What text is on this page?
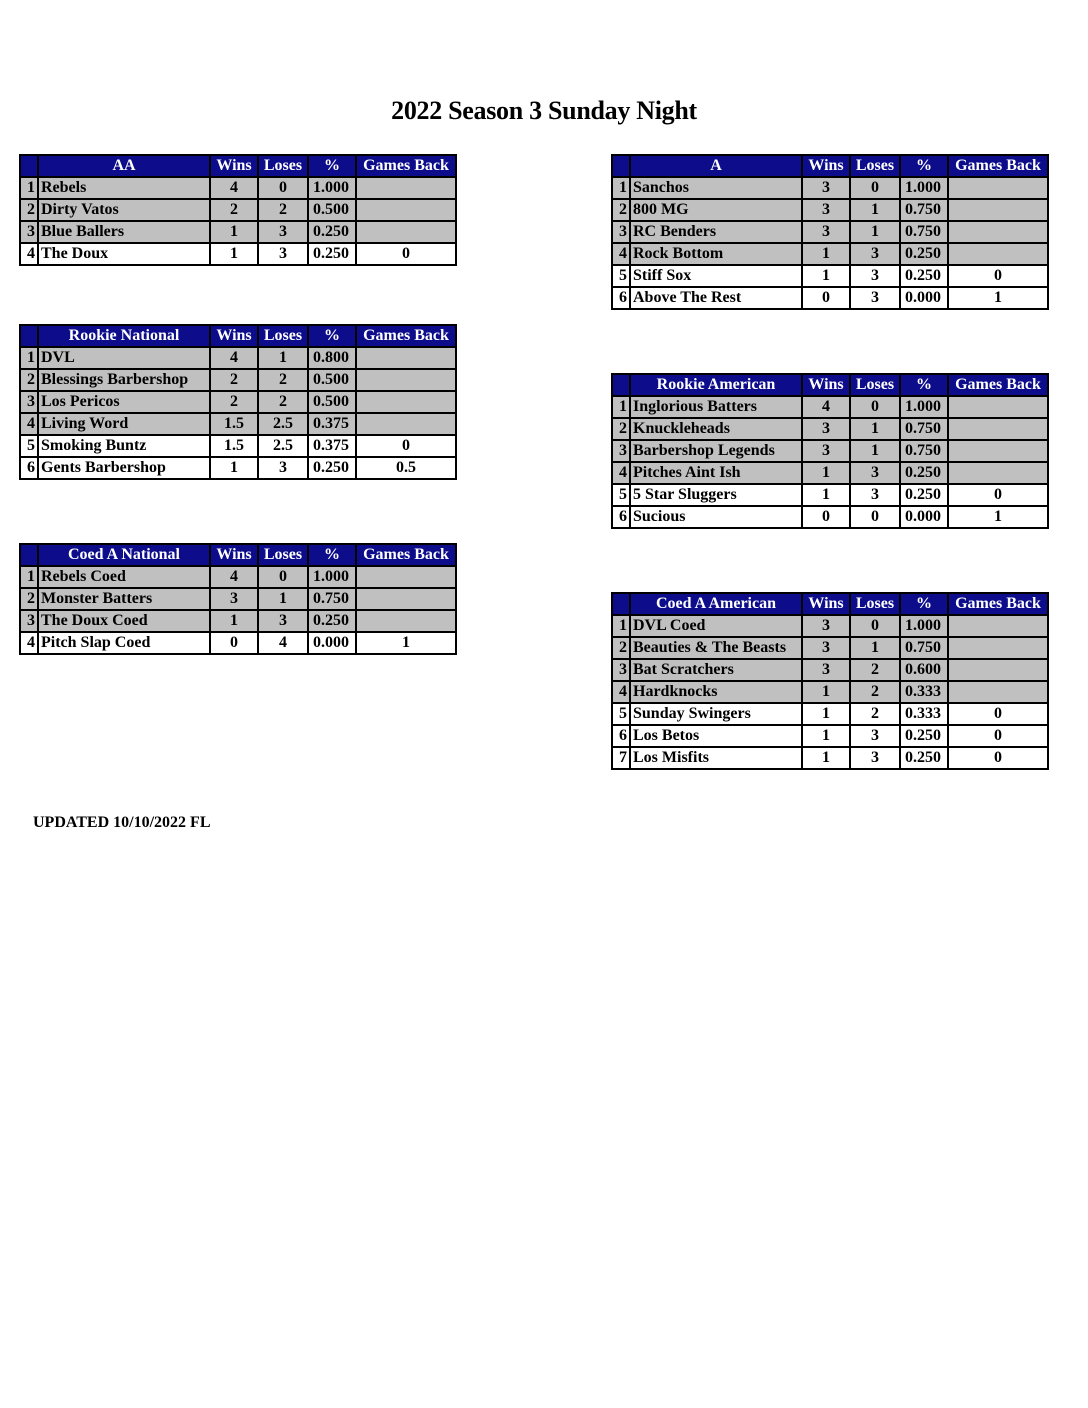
2022 Season 3 Sunday Night
	AA	Wins	Loses	%	Games Back
1	Rebels	4	0	1.000	
2	Dirty Vatos	2	2	0.500	
3	Blue Ballers	1	3	0.250	
4	The Doux	1	3	0.250	0
	Rookie National	Wins	Loses	%	Games Back
1	DVL	4	1	0.800	
2	Blessings Barbershop	2	2	0.500	
3	Los Pericos	2	2	0.500	
4	Living Word	1.5	2.5	0.375	
5	Smoking Buntz	1.5	2.5	0.375	0
6	Gents Barbershop	1	3	0.250	0.5
	Coed A National	Wins	Loses	%	Games Back
1	Rebels Coed	4	0	1.000	
2	Monster Batters	3	1	0.750	
3	The Doux Coed	1	3	0.250	
4	Pitch Slap Coed	0	4	0.000	1
	A	Wins	Loses	%	Games Back
1	Sanchos	3	0	1.000	
2	800 MG	3	1	0.750	
3	RC Benders	3	1	0.750	
4	Rock Bottom	1	3	0.250	
5	Stiff Sox	1	3	0.250	0
6	Above The Rest	0	3	0.000	1
	Rookie American	Wins	Loses	%	Games Back
1	Inglorious Batters	4	0	1.000	
2	Knuckleheads	3	1	0.750	
3	Barbershop Legends	3	1	0.750	
4	Pitches Aint Ish	1	3	0.250	
5	5 Star Sluggers	1	3	0.250	0
6	Sucious	0	0	0.000	1
	Coed A American	Wins	Loses	%	Games Back
1	DVL Coed	3	0	1.000	
2	Beauties & The Beasts	3	1	0.750	
3	Bat Scratchers	3	2	0.600	
4	Hardknocks	1	2	0.333	
5	Sunday Swingers	1	2	0.333	0
6	Los Betos	1	3	0.250	0
7	Los Misfits	1	3	0.250	0
UPDATED 10/10/2022 FL
